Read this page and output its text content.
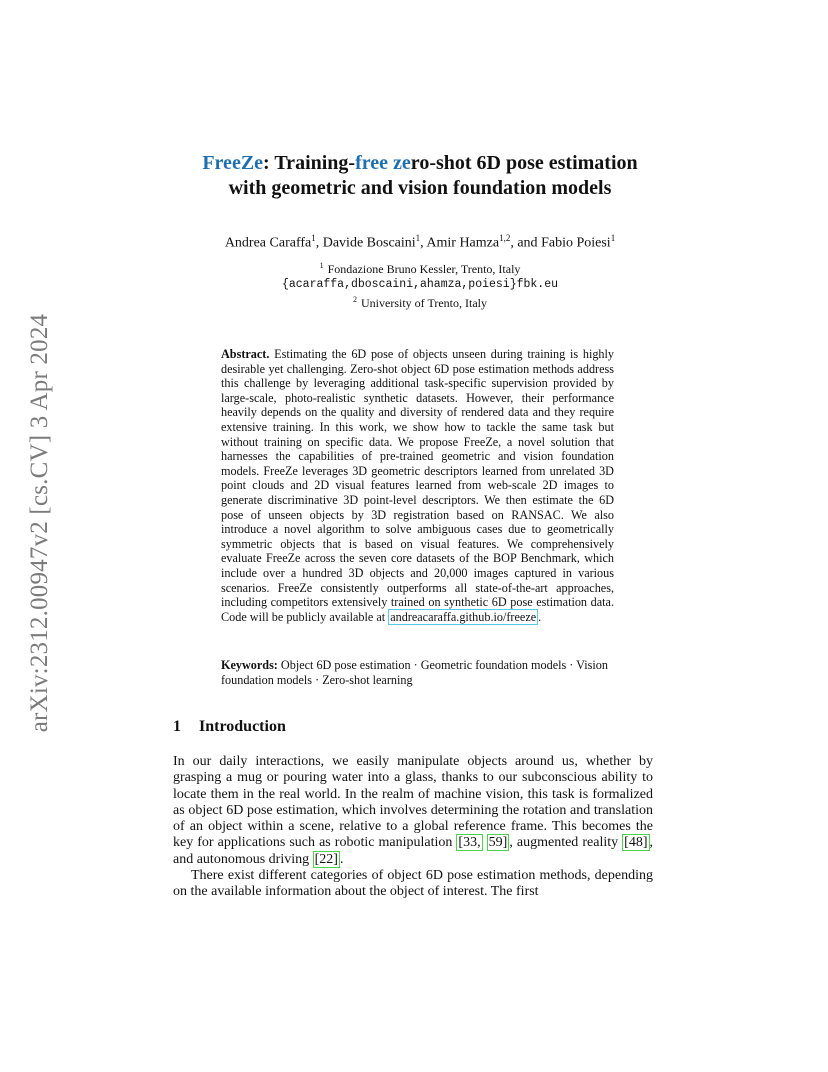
arXiv:2312.00947v2 [cs.CV] 3 Apr 2024
FreeZe: Training-free zero-shot 6D pose estimation
with geometric and vision foundation models
Andrea Caraffa$^1$, Davide Boscaini$^1$, Amir Hamza$^{1,2}$, and Fabio Poiesi$^1$
$^1$ Fondazione Bruno Kessler, Trento, Italy
{acaraffa,dboscaini,ahamza,poiesi}fbk.eu
$^2$ University of Trento, Italy
Abstract. Estimating the 6D pose of objects unseen during training is highly desirable yet challenging. Zero-shot object 6D pose estimation methods address this challenge by leveraging additional task-specific supervision provided by large-scale, photo-realistic synthetic datasets. However, their performance heavily depends on the quality and diversity of rendered data and they require extensive training. In this work, we show how to tackle the same task but without training on specific data. We propose FreeZe, a novel solution that harnesses the capabilities of pre-trained geometric and vision foundation models. FreeZe leverages 3D geometric descriptors learned from unrelated 3D point clouds and 2D visual features learned from web-scale 2D images to generate discriminative 3D point-level descriptors. We then estimate the 6D pose of unseen objects by 3D registration based on RANSAC. We also introduce a novel algorithm to solve ambiguous cases due to geometrically symmetric objects that is based on visual features. We comprehensively evaluate FreeZe across the seven core datasets of the BOP Benchmark, which include over a hundred 3D objects and 20,000 images captured in various scenarios. FreeZe consistently outperforms all state-of-the-art approaches, including competitors extensively trained on synthetic 6D pose estimation data. Code will be publicly available at andreacaraffa.github.io/freeze .
Keywords: Object 6D pose estimation · Geometric foundation models · Vision foundation models · Zero-shot learning
1 Introduction

In our daily interactions, we easily manipulate objects around us, whether by grasping a mug or pouring water into a glass, thanks to our subconscious ability to locate them in the real world. In the realm of machine vision, this task is formalized as object 6D pose estimation, which involves determining the rotation and translation of an object within a scene, relative to a global reference frame. This becomes the key for applications such as robotic manipulation [33, 59] , augmented reality [48] , and autonomous driving [22] .

There exist different categories of object 6D pose estimation methods, depending on the available information about the object of interest. The first
